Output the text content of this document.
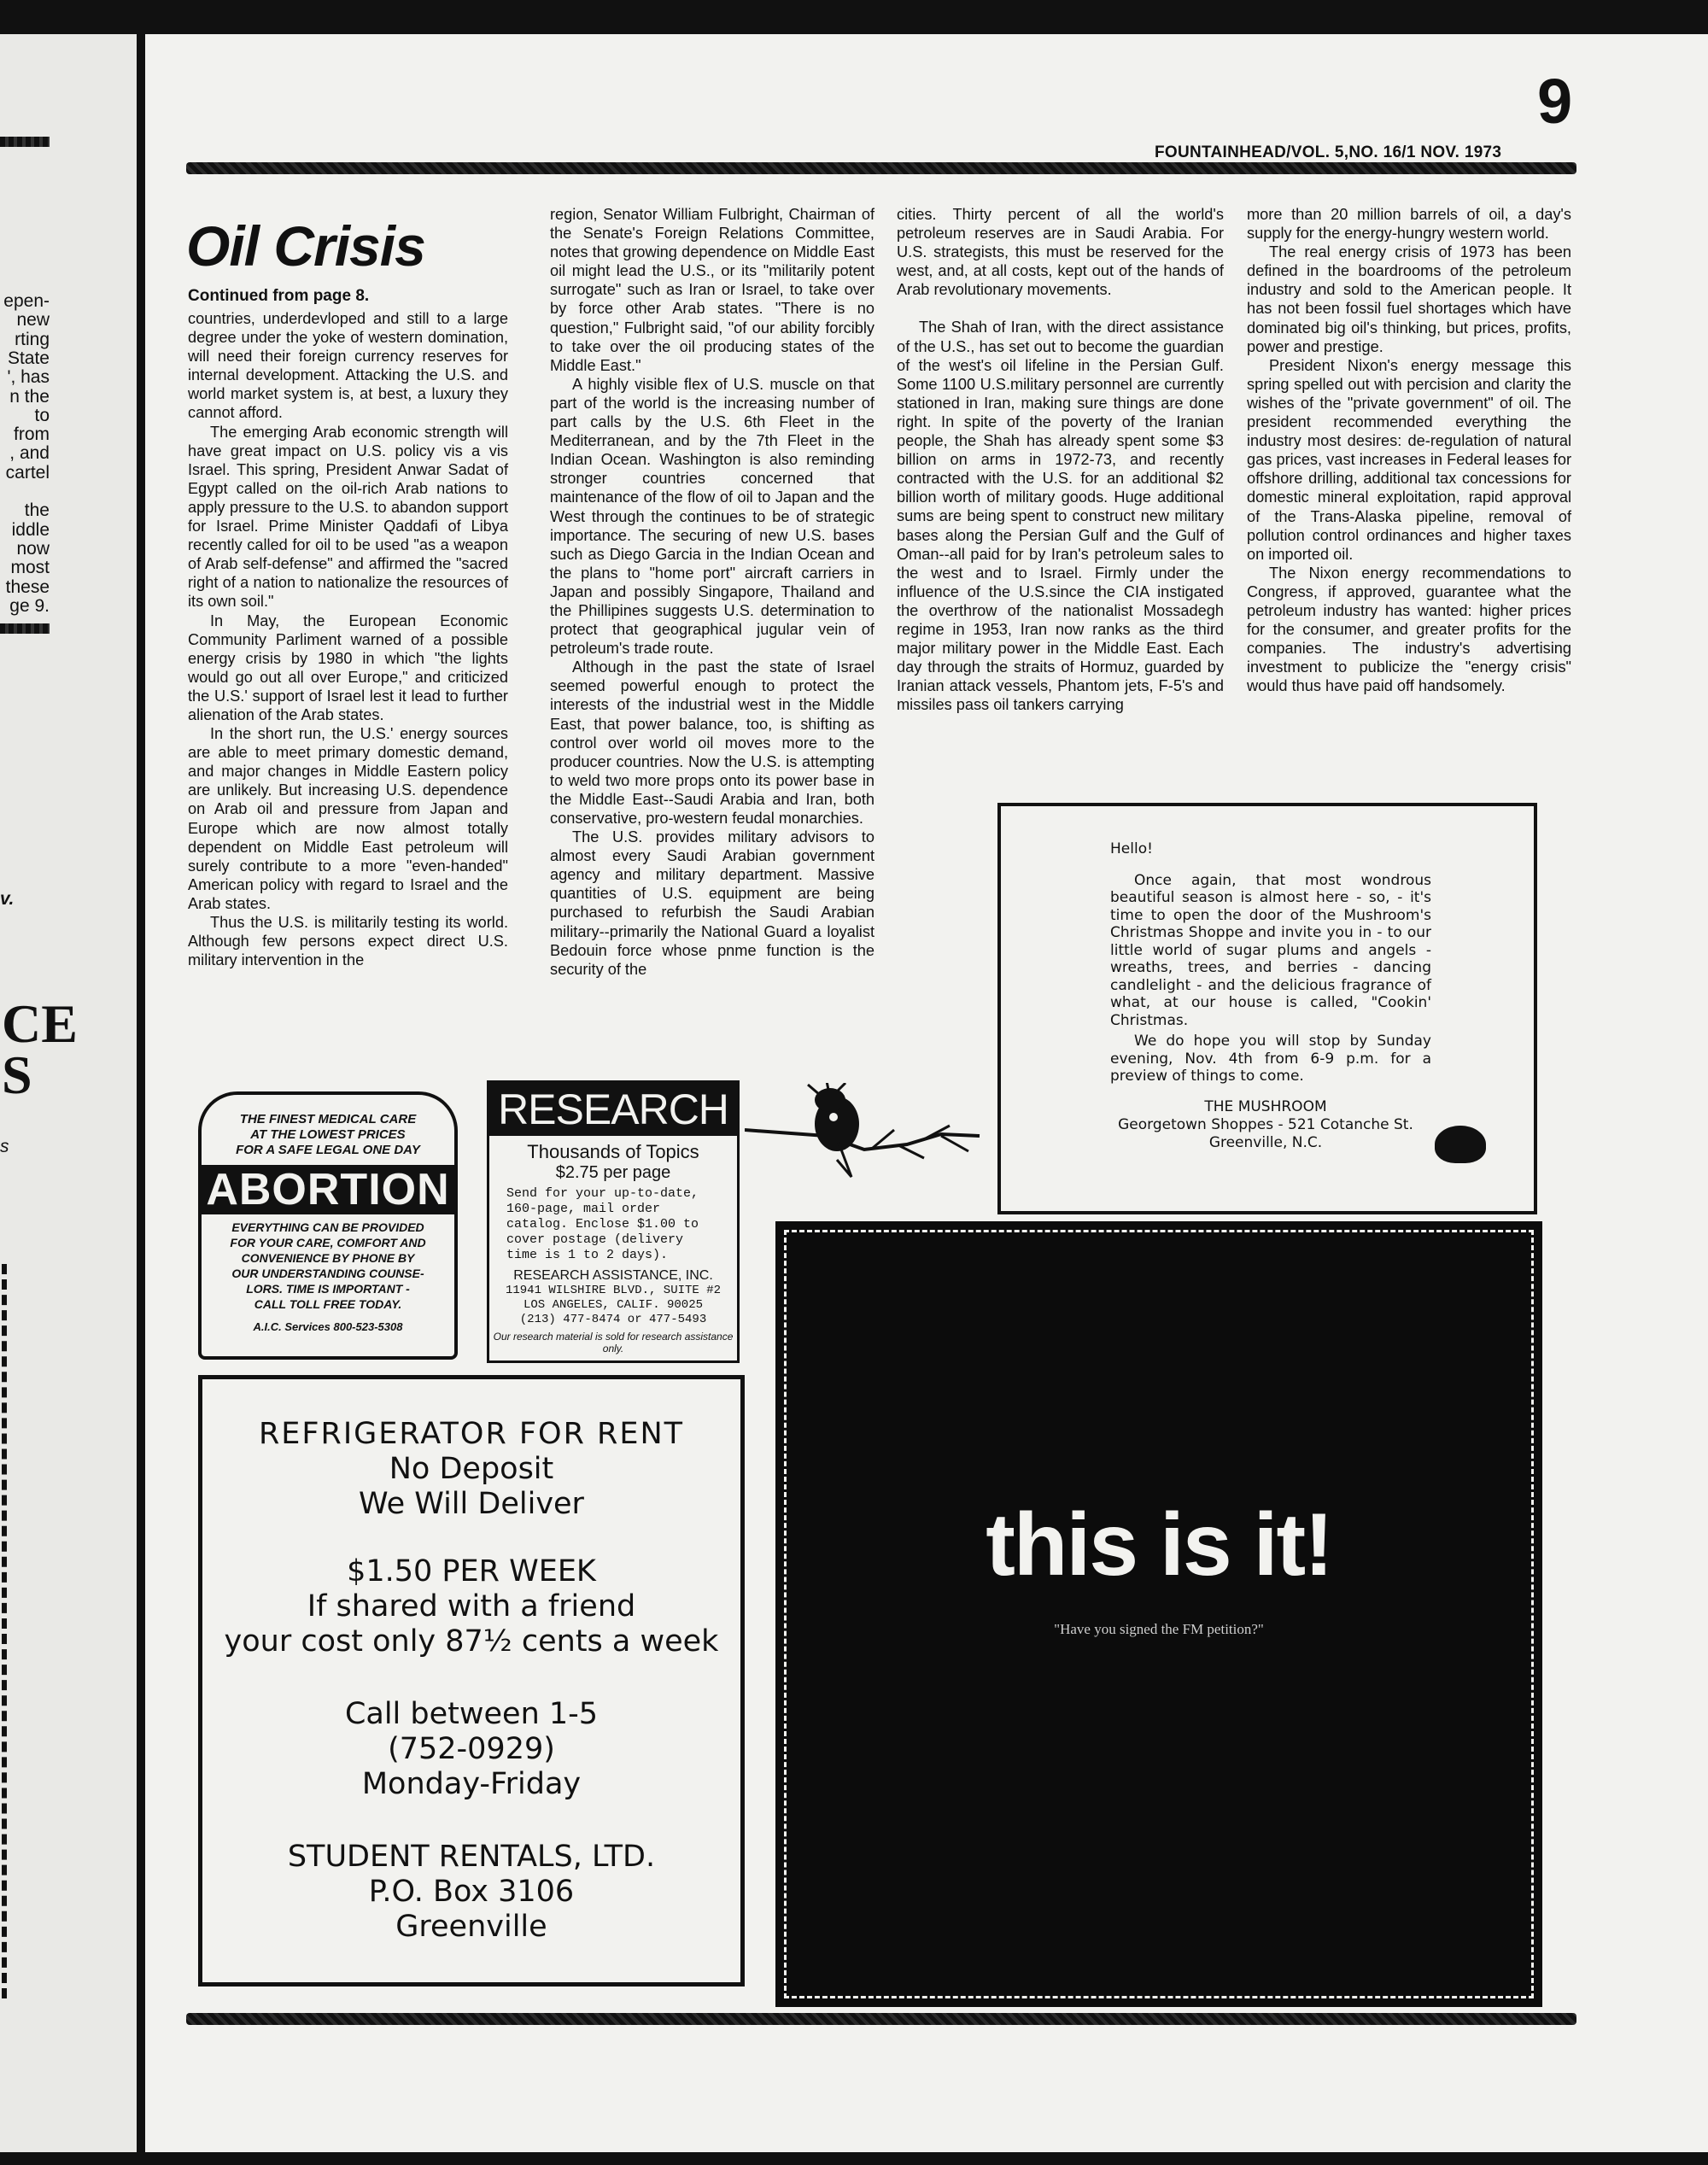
epen-
new
rting
State
', has
n the
to
from
, and
cartel
the
iddle
now
most
these
ge 9.
v.
CE
S
s
FOUNTAINHEAD/VOL. 5,NO. 16/1 NOV. 1973
9
Oil Crisis
Continued from page 8.

countries, underdevloped and still to a large degree under the yoke of western domination, will need their foreign currency reserves for internal development. Attacking the U.S. and world market system is, at best, a luxury they cannot afford.

The emerging Arab economic strength will have great impact on U.S. policy vis a vis Israel. This spring, President Anwar Sadat of Egypt called on the oil-rich Arab nations to apply pressure to the U.S. to abandon support for Israel. Prime Minister Qaddafi of Libya recently called for oil to be used "as a weapon of Arab self-defense" and affirmed the "sacred right of a nation to nationalize the resources of its own soil."

In May, the European Economic Community Parliment warned of a possible energy crisis by 1980 in which "the lights would go out all over Europe," and criticized the U.S.' support of Israel lest it lead to further alienation of the Arab states.

In the short run, the U.S.' energy sources are able to meet primary domestic demand, and major changes in Middle Eastern policy are unlikely. But increasing U.S. dependence on Arab oil and pressure from Japan and Europe which are now almost totally dependent on Middle East petroleum will surely contribute to a more "even-handed" American policy with regard to Israel and the Arab states.

Thus the U.S. is militarily testing its world. Although few persons expect direct U.S. military intervention in the

region, Senator William Fulbright, Chairman of the Senate's Foreign Relations Committee, notes that growing dependence on Middle East oil might lead the U.S., or its "militarily potent surrogate" such as Iran or Israel, to take over by force other Arab states. "There is no question," Fulbright said, "of our ability forcibly to take over the oil producing states of the Middle East."

A highly visible flex of U.S. muscle on that part of the world is the increasing number of part calls by the U.S. 6th Fleet in the Mediterranean, and by the 7th Fleet in the Indian Ocean. Washington is also reminding stronger countries concerned that maintenance of the flow of oil to Japan and the West through the continues to be of strategic importance. The securing of new U.S. bases such as Diego Garcia in the Indian Ocean and the plans to "home port" aircraft carriers in Japan and possibly Singapore, Thailand and the Phillipines suggests U.S. determination to protect that geographical jugular vein of petroleum's trade route.

Although in the past the state of Israel seemed powerful enough to protect the interests of the industrial west in the Middle East, that power balance, too, is shifting as control over world oil moves more to the producer countries. Now the U.S. is attempting to weld two more props onto its power base in the Middle East--Saudi Arabia and Iran, both conservative, pro-western feudal monarchies.

The U.S. provides military advisors to almost every Saudi Arabian government agency and military department. Massive quantities of U.S. equipment are being purchased to refurbish the Saudi Arabian military--primarily the National Guard a loyalist Bedouin force whose pnme function is the security of the

cities. Thirty percent of all the world's petroleum reserves are in Saudi Arabia. For U.S. strategists, this must be reserved for the west, and, at all costs, kept out of the hands of Arab revolutionary movements.

The Shah of Iran, with the direct assistance of the U.S., has set out to become the guardian of the west's oil lifeline in the Persian Gulf. Some 1100 U.S.military personnel are currently stationed in Iran, making sure things are done right. In spite of the poverty of the Iranian people, the Shah has already spent some $3 billion on arms in 1972-73, and recently contracted with the U.S. for an additional $2 billion worth of military goods. Huge additional sums are being spent to construct new military bases along the Persian Gulf and the Gulf of Oman--all paid for by Iran's petroleum sales to the west and to Israel. Firmly under the influence of the U.S.since the CIA instigated the overthrow of the nationalist Mossadegh regime in 1953, Iran now ranks as the third major military power in the Middle East. Each day through the straits of Hormuz, guarded by Iranian attack vessels, Phantom jets, F-5's and missiles pass oil tankers carrying

more than 20 million barrels of oil, a day's supply for the energy-hungry western world.

The real energy crisis of 1973 has been defined in the boardrooms of the petroleum industry and sold to the American people. It has not been fossil fuel shortages which have dominated big oil's thinking, but prices, profits, power and prestige.

President Nixon's energy message this spring spelled out with percision and clarity the wishes of the "private government" of oil. The president recommended everything the industry most desires: de-regulation of natural gas prices, vast increases in Federal leases for offshore drilling, additional tax concessions for domestic mineral exploitation, rapid approval of the Trans-Alaska pipeline, removal of pollution control ordinances and higher taxes on imported oil.

The Nixon energy recommendations to Congress, if approved, guarantee what the petroleum industry has wanted: higher prices for the consumer, and greater profits for the companies. The industry's advertising investment to publicize the "energy crisis" would thus have paid off handsomely.

THE FINEST MEDICAL CARE
AT THE LOWEST PRICES
FOR A SAFE LEGAL ONE DAY
ABORTION
EVERYTHING CAN BE PROVIDED
FOR YOUR CARE, COMFORT AND
CONVENIENCE BY PHONE BY
OUR UNDERSTANDING COUNSE-
LORS. TIME IS IMPORTANT -
CALL TOLL FREE TODAY.
A.I.C. Services 800-523-5308
RESEARCH
Thousands of Topics
$2.75 per page
Send for your up-to-date, 160-page, mail order catalog. Enclose $1.00 to cover postage (delivery time is 1 to 2 days).
RESEARCH ASSISTANCE, INC.
11941 WILSHIRE BLVD., SUITE #2
LOS ANGELES, CALIF. 90025
(213) 477-8474 or 477-5493
Our research material is sold for research assistance only.

Hello!

Once again, that most wondrous beautiful season is almost here - so, - it's time to open the door of the Mushroom's Christmas Shoppe and invite you in - to our little world of sugar plums and angels - wreaths, trees, and berries - dancing candlelight - and the delicious fragrance of what, at our house is called, "Cookin' Christmas.

We do hope you will stop by Sunday evening, Nov. 4th from 6-9 p.m. for a preview of things to come.

THE MUSHROOM
Georgetown Shoppes - 521 Cotanche St.
Greenville, N.C.
REFRIGERATOR FOR RENT
No Deposit
We Will Deliver
$1.50 PER WEEK
If shared with a friend
your cost only 87½ cents a week
Call between 1-5
(752-0929)
Monday-Friday
STUDENT RENTALS, LTD.
P.O. Box 3106
Greenville
this is it!
"Have you signed the FM petition?"
